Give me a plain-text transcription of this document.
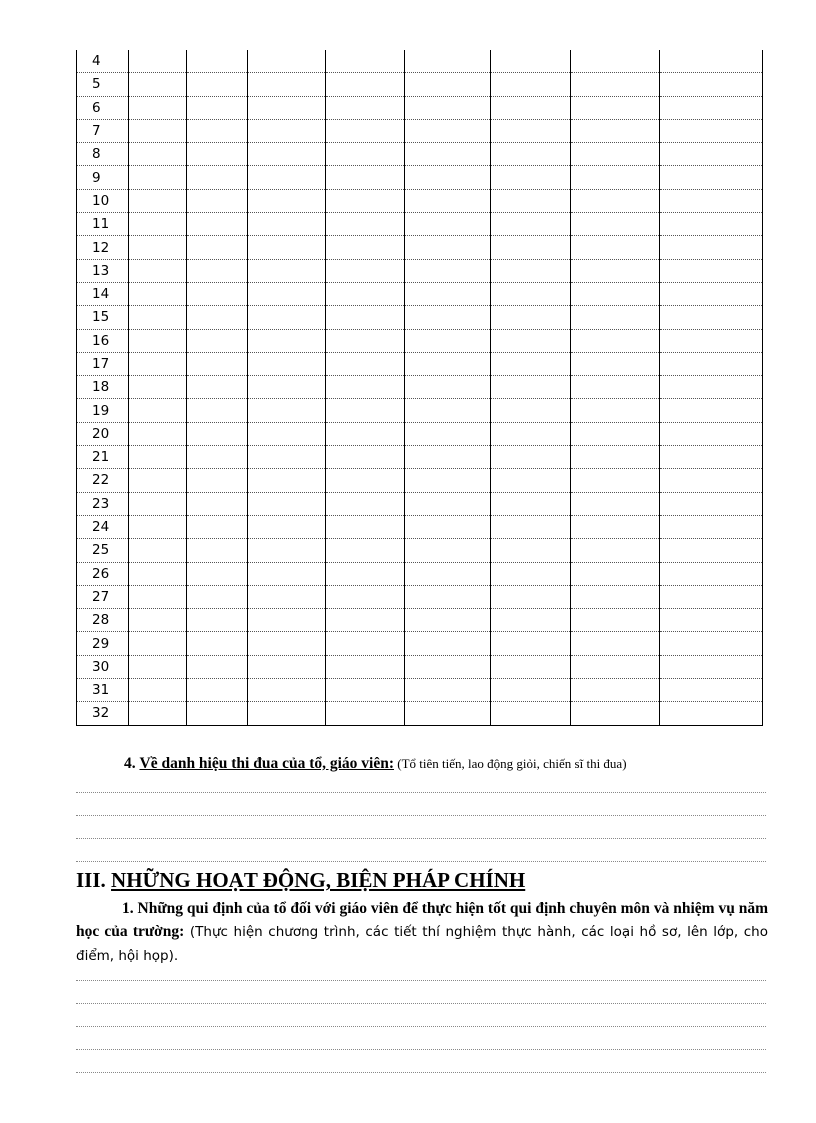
4								
5								
6								
7								
8								
9								
10								
11								
12								
13								
14								
15								
16								
17								
18								
19								
20								
21								
22								
23								
24								
25								
26								
27								
28								
29								
30								
31								
32								
4. Về danh hiệu thi đua của tổ, giáo viên: (Tổ tiên tiến, lao động giỏi, chiến sĩ thi đua)
III. NHỮNG HOẠT ĐỘNG, BIỆN PHÁP CHÍNH
1. Những qui định của tổ đối với giáo viên để thực hiện tốt qui định chuyên môn và nhiệm vụ năm học của trường: (Thực hiện chương trình, các tiết thí nghiệm thực hành, các loại hồ sơ, lên lớp, cho điểm, hội họp).
